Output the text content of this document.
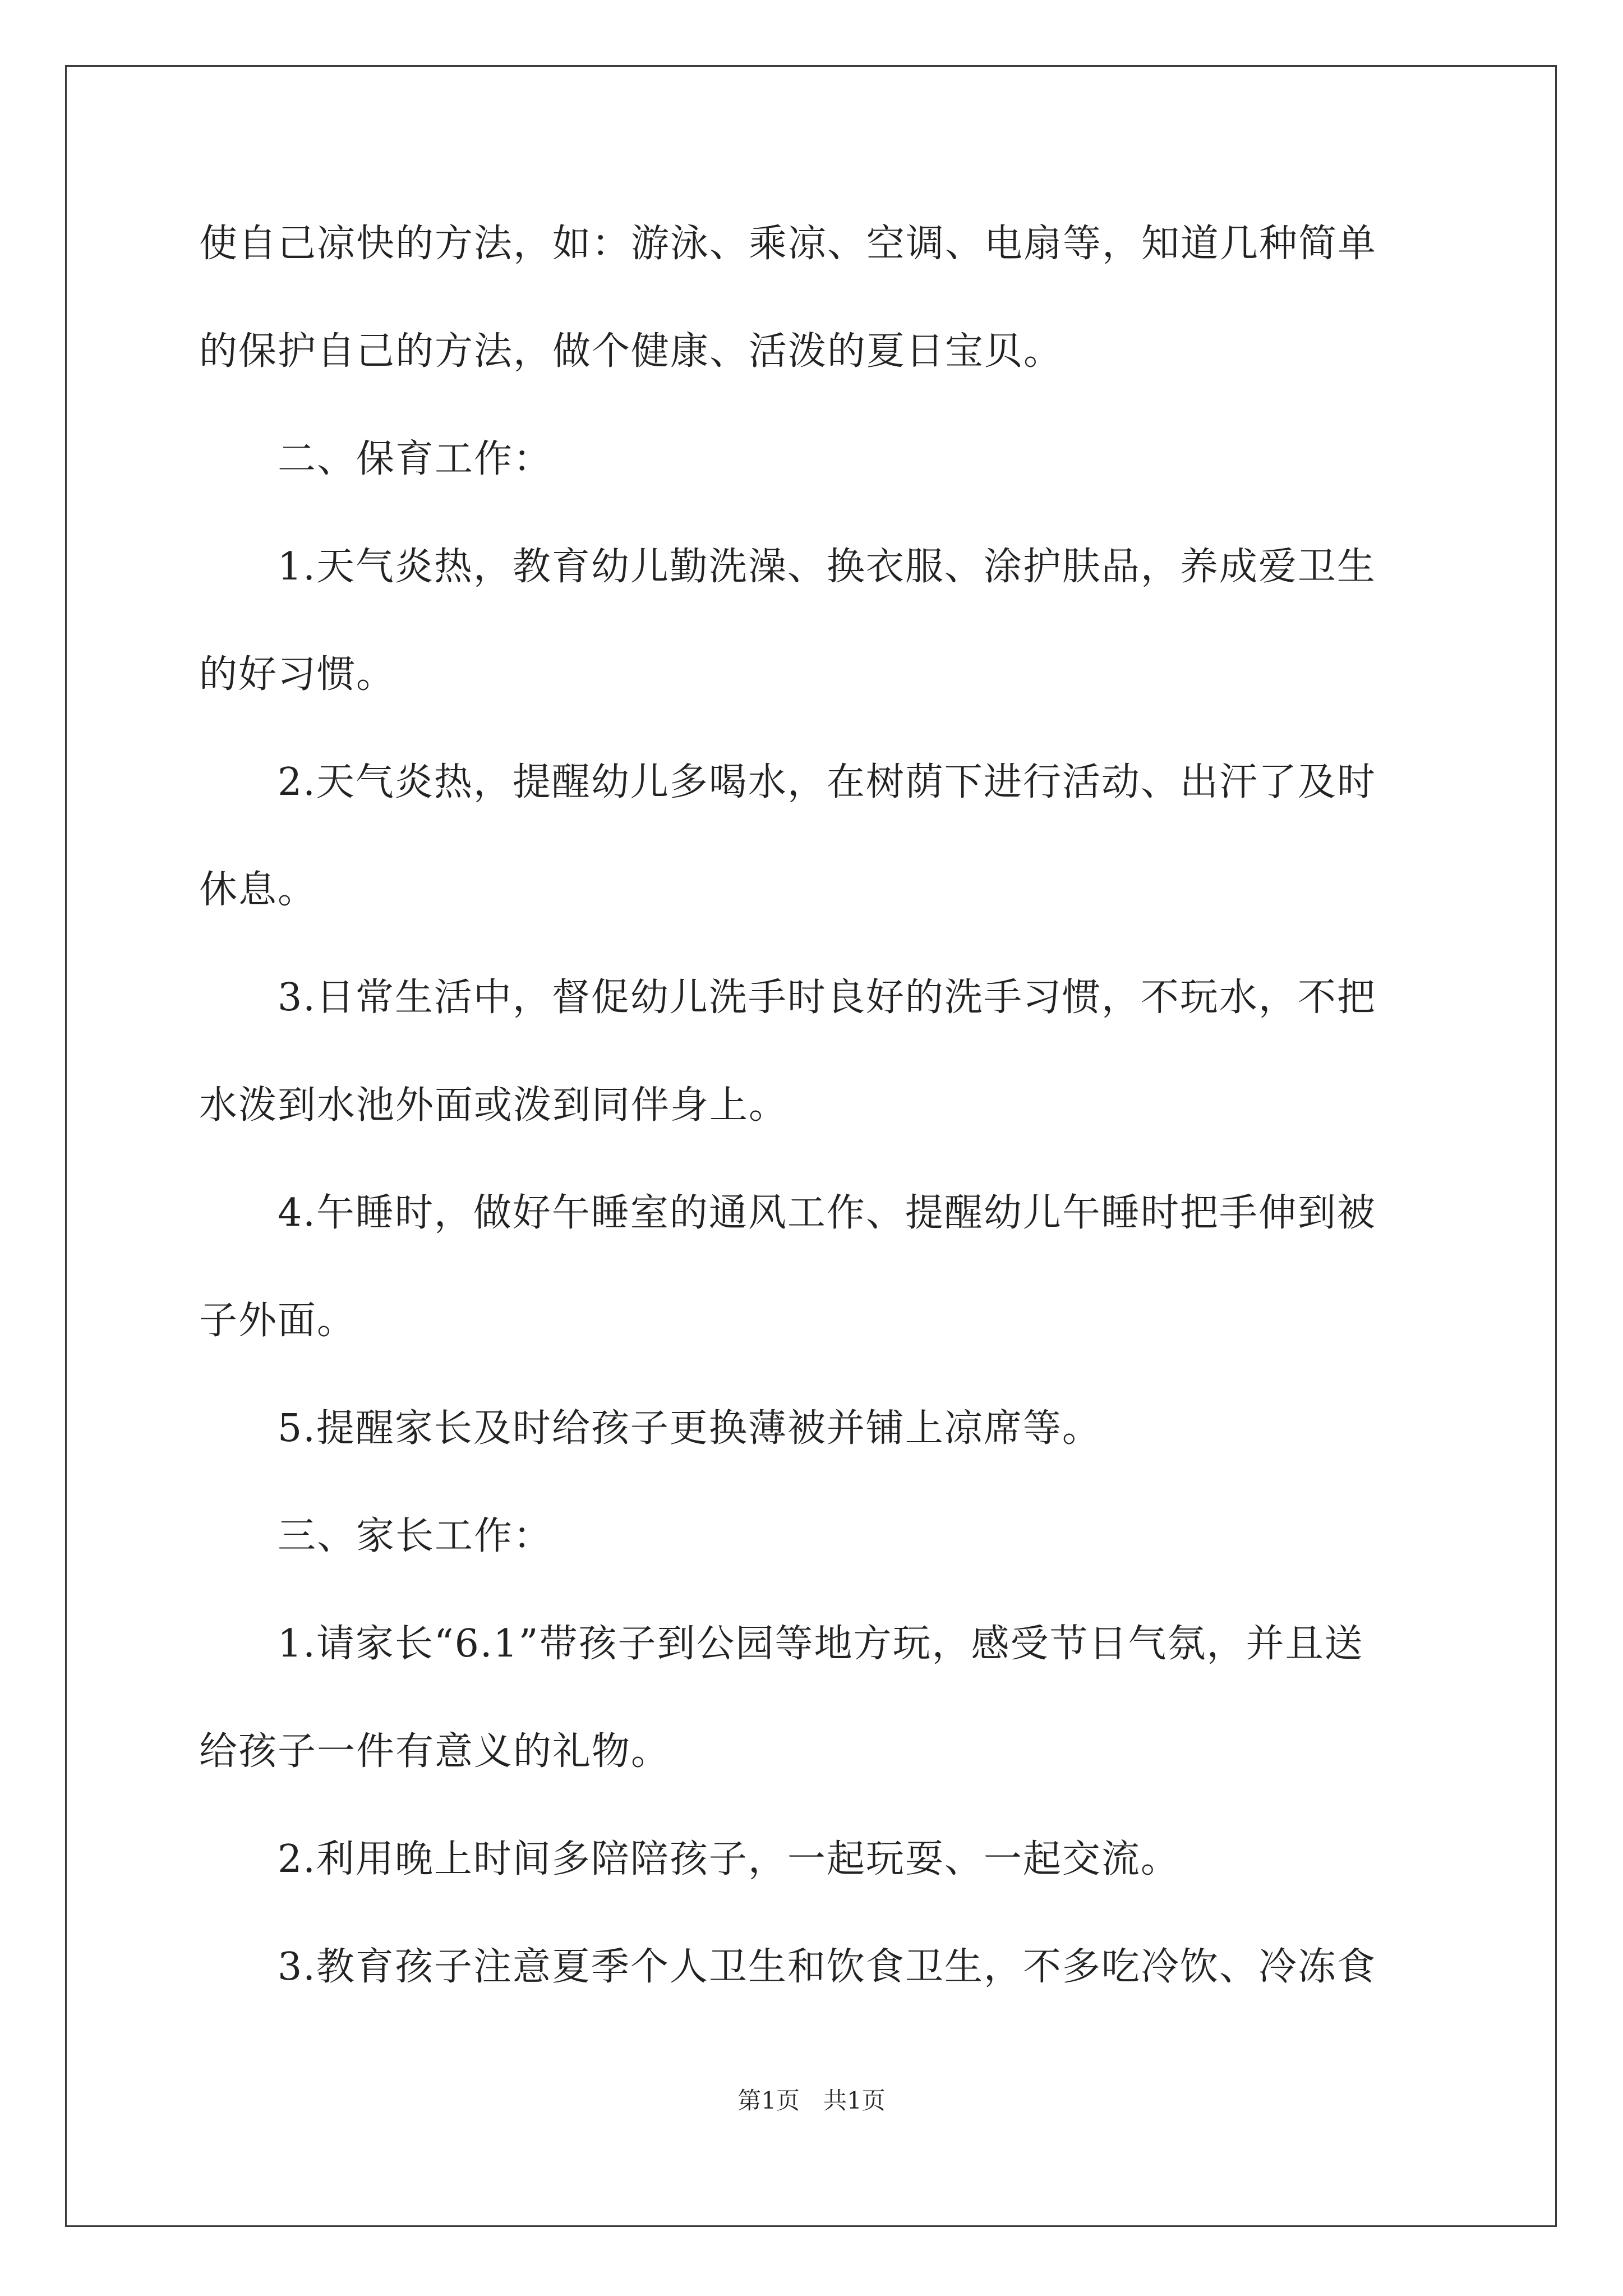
使自己凉快的方法，如：游泳、乘凉、空调、电扇等，知道几种简单
的保护自己的方法，做个健康、活泼的夏日宝贝。
二、保育工作：
1.天气炎热，教育幼儿勤洗澡、换衣服、涂护肤品，养成爱卫生
的好习惯。
2.天气炎热，提醒幼儿多喝水，在树荫下进行活动、出汗了及时
休息。
3.日常生活中，督促幼儿洗手时良好的洗手习惯，不玩水，不把
水泼到水池外面或泼到同伴身上。
4.午睡时，做好午睡室的通风工作、提醒幼儿午睡时把手伸到被
子外面。
5.提醒家长及时给孩子更换薄被并铺上凉席等。
三、家长工作：
1.请家长“6.1”带孩子到公园等地方玩，感受节日气氛，并且送
给孩子一件有意义的礼物。
2.利用晚上时间多陪陪孩子，一起玩耍、一起交流。
3.教育孩子注意夏季个人卫生和饮食卫生，不多吃冷饮、冷冻食
第1页　共1页
